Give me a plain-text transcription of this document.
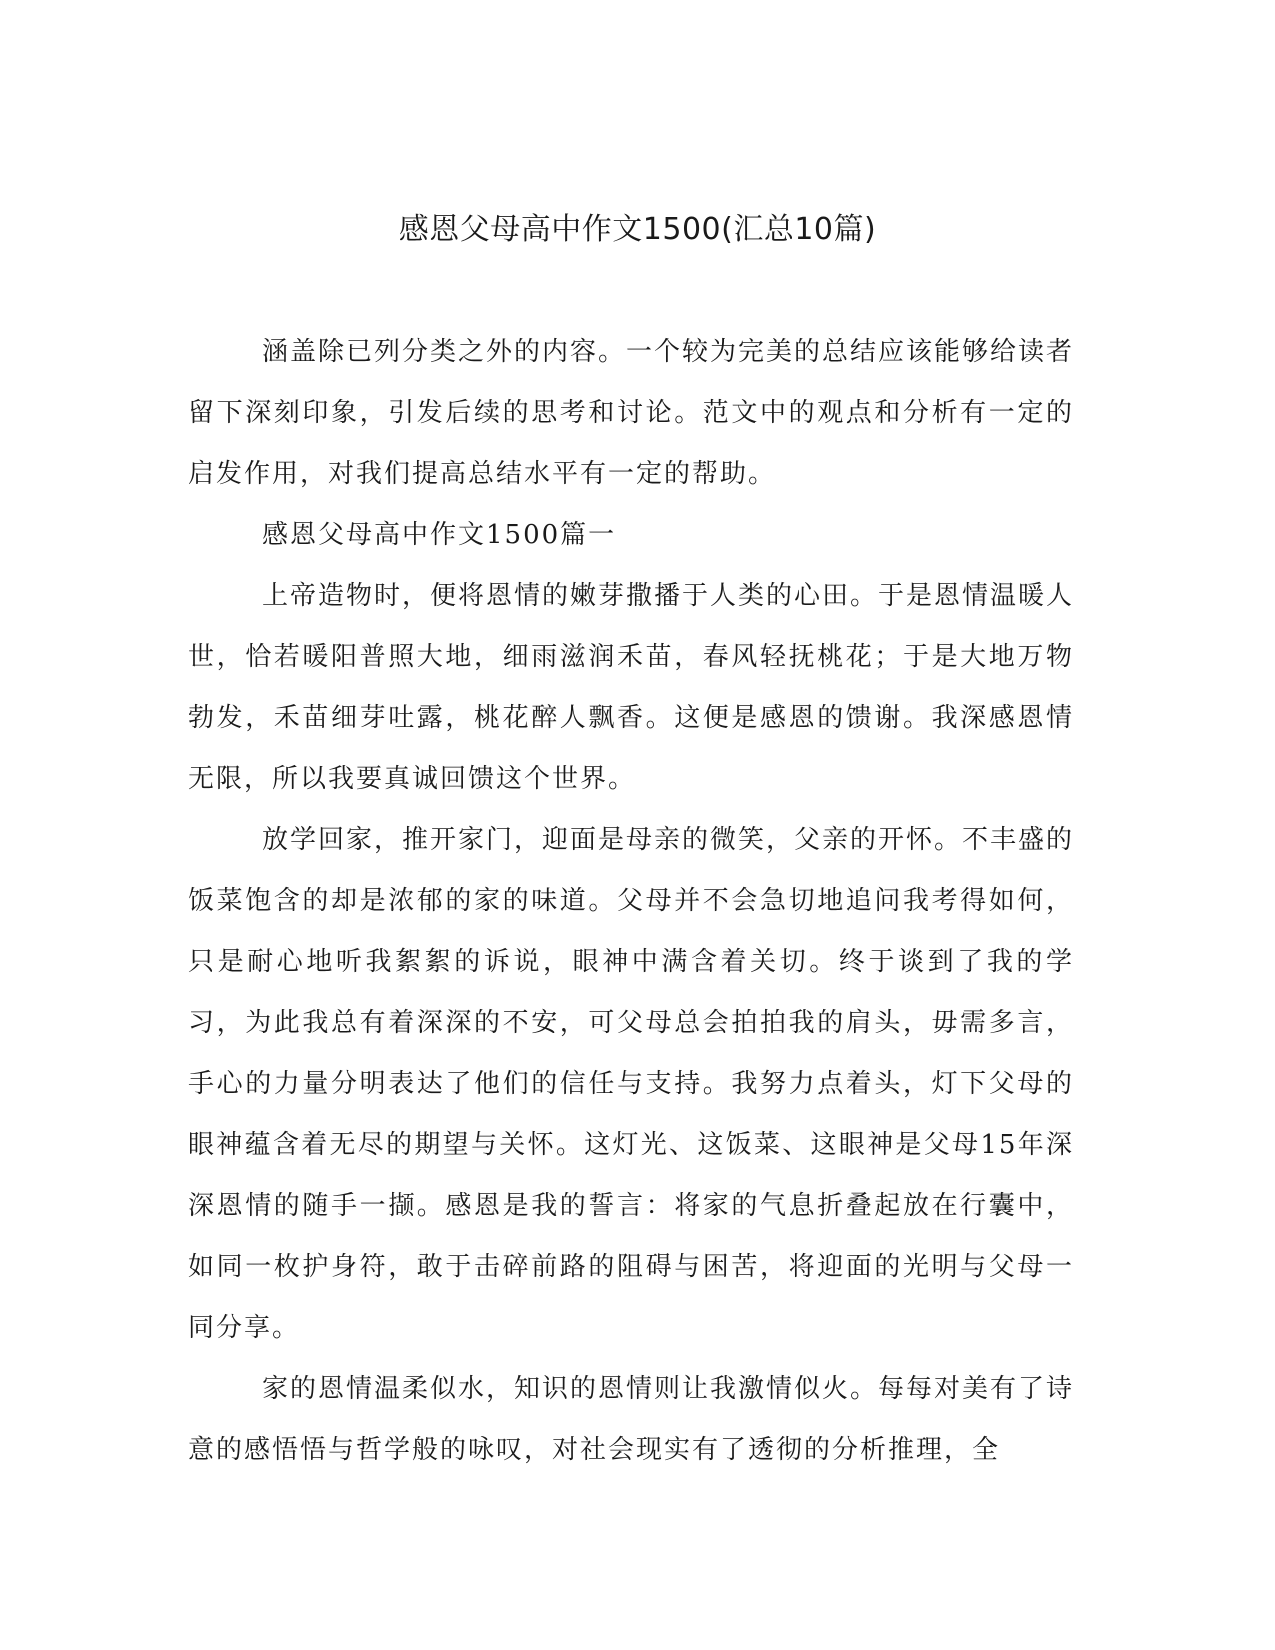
感恩父母高中作文1500(汇总10篇)

涵盖除已列分类之外的内容。一个较为完美的总结应该能够给读者留下深刻印象，引发后续的思考和讨论。范文中的观点和分析有一定的启发作用，对我们提高总结水平有一定的帮助。

感恩父母高中作文1500篇一

上帝造物时，便将恩情的嫩芽撒播于人类的心田。于是恩情温暖人世，恰若暖阳普照大地，细雨滋润禾苗，春风轻抚桃花；于是大地万物勃发，禾苗细芽吐露，桃花醉人飘香。这便是感恩的馈谢。我深感恩情无限，所以我要真诚回馈这个世界。

放学回家，推开家门，迎面是母亲的微笑，父亲的开怀。不丰盛的饭菜饱含的却是浓郁的家的味道。父母并不会急切地追问我考得如何，只是耐心地听我絮絮的诉说，眼神中满含着关切。终于谈到了我的学习，为此我总有着深深的不安，可父母总会拍拍我的肩头，毋需多言，手心的力量分明表达了他们的信任与支持。我努力点着头，灯下父母的眼神蕴含着无尽的期望与关怀。这灯光、这饭菜、这眼神是父母15年深深恩情的随手一撷。感恩是我的誓言：将家的气息折叠起放在行囊中，如同一枚护身符，敢于击碎前路的阻碍与困苦，将迎面的光明与父母一同分享。

家的恩情温柔似水，知识的恩情则让我激情似火。每每对美有了诗意的感悟悟与哲学般的咏叹，对社会现实有了透彻的分析推理，全
